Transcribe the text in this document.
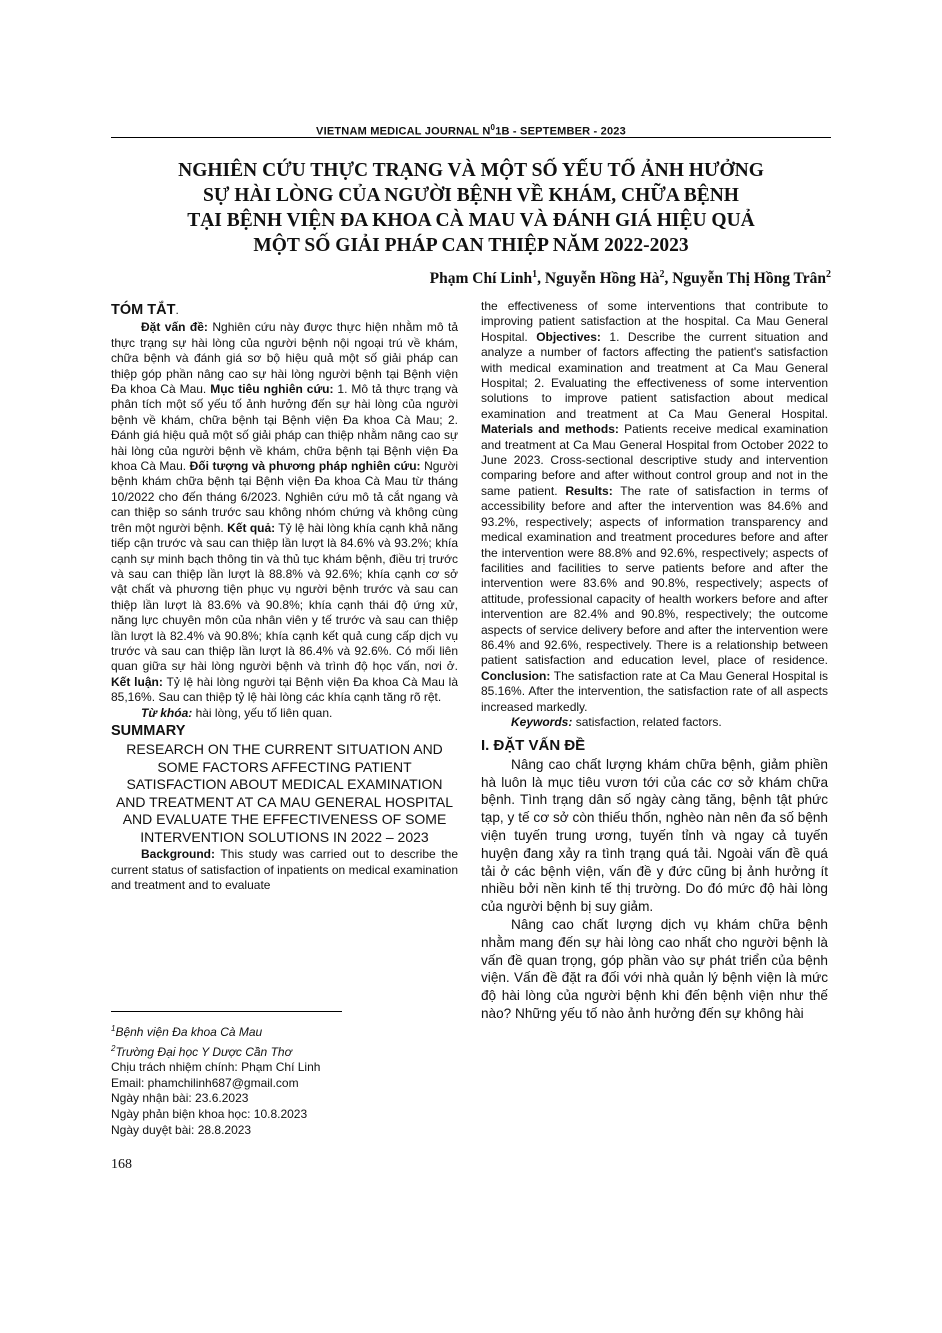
VIETNAM MEDICAL JOURNAL $N^01B$ - SEPTEMBER - 2023
NGHIÊN CỨU THỰC TRẠNG VÀ MỘT SỐ YẾU TỐ ẢNH HƯỞNG
SỰ HÀI LÒNG CỦA NGƯỜI BỆNH VỀ KHÁM, CHỮA BỆNH
TẠI BỆNH VIỆN ĐA KHOA CÀ MAU VÀ ĐÁNH GIÁ HIỆU QUẢ
MỘT SỐ GIẢI PHÁP CAN THIỆP NĂM 2022-2023
Phạm Chí Linh$^1$, Nguyễn Hồng $Hà^2$, Nguyễn Thị Hồng Trân$^2$
TÓM TẮT.

Đặt vấn đề: Nghiên cứu này được thực hiện nhằm mô tả thực trạng sự hài lòng của người bệnh nội ngoại trú về khám, chữa bệnh và đánh giá sơ bộ hiệu quả một số giải pháp can thiệp góp phần nâng cao sự hài lòng người bệnh tại Bệnh viện Đa khoa Cà Mau. Mục tiêu nghiên cứu: 1. Mô tả thực trạng và phân tích một số yếu tố ảnh hưởng đến sự hài lòng của người bệnh về khám, chữa bệnh tại Bệnh viện Đa khoa Cà Mau; 2. Đánh giá hiệu quả một số giải pháp can thiệp nhằm nâng cao sự hài lòng của người bệnh về khám, chữa bệnh tại Bệnh viện Đa khoa Cà Mau. Đối tượng và phương pháp nghiên cứu: Người bệnh khám chữa bệnh tại Bệnh viện Đa khoa Cà Mau từ tháng 10/2022 cho đến tháng 6/2023. Nghiên cứu mô tả cắt ngang và can thiệp so sánh trước sau không nhóm chứng và không cùng trên một người bệnh. Kết quả: Tỷ lệ hài lòng khía cạnh khả năng tiếp cận trước và sau can thiệp lần lượt là 84.6% và 93.2%; khía cạnh sự minh bạch thông tin và thủ tục khám bệnh, điều trị trước và sau can thiệp lần lượt là 88.8% và 92.6%; khía cạnh cơ sở vật chất và phương tiện phục vụ người bệnh trước và sau can thiệp lần lượt là 83.6% và 90.8%; khía cạnh thái độ ứng xử, năng lực chuyên môn của nhân viên y tế trước và sau can thiệp lần lượt là 82.4% và 90.8%; khía cạnh kết quả cung cấp dịch vụ trước và sau can thiệp lần lượt là 86.4% và 92.6%. Có mối liên quan giữa sự hài lòng người bệnh và trình độ học vấn, nơi ở. Kết luận: Tỷ lệ hài lòng người tại Bệnh viện Đa khoa Cà Mau là 85,16%. Sau can thiệp tỷ lệ hài lòng các khía cạnh tăng rõ rệt.

Từ khóa: hài lòng, yếu tố liên quan.

SUMMARY
RESEARCH ON THE CURRENT SITUATION AND SOME FACTORS AFFECTING PATIENT SATISFACTION ABOUT MEDICAL EXAMINATION AND TREATMENT AT CA MAU GENERAL HOSPITAL AND EVALUATE THE EFFECTIVENESS OF SOME INTERVENTION SOLUTIONS IN 2022 – 2023

Background: This study was carried out to describe the current status of satisfaction of inpatients on medical examination and treatment and to evaluate

$^1$Bệnh viện Đa khoa Cà Mau
$^2$Trường Đại học Y Dược Cần Thơ
Chịu trách nhiệm chính: Phạm Chí Linh
Email: phamchilinh687@gmail.com
Ngày nhận bài: 23.6.2023
Ngày phản biện khoa học: 10.8.2023
Ngày duyệt bài: 28.8.2023
168

the effectiveness of some interventions that contribute to improving patient satisfaction at the hospital. Ca Mau General Hospital. Objectives: 1. Describe the current situation and analyze a number of factors affecting the patient's satisfaction with medical examination and treatment at Ca Mau General Hospital; 2. Evaluating the effectiveness of some intervention solutions to improve patient satisfaction about medical examination and treatment at Ca Mau General Hospital. Materials and methods: Patients receive medical examination and treatment at Ca Mau General Hospital from October 2022 to June 2023. Cross-sectional descriptive study and intervention comparing before and after without control group and not in the same patient. Results: The rate of satisfaction in terms of accessibility before and after the intervention was 84.6% and 93.2%, respectively; aspects of information transparency and medical examination and treatment procedures before and after the intervention were 88.8% and 92.6%, respectively; aspects of facilities and facilities to serve patients before and after the intervention were 83.6% and 90.8%, respectively; aspects of attitude, professional capacity of health workers before and after intervention are 82.4% and 90.8%, respectively; the outcome aspects of service delivery before and after the intervention were 86.4% and 92.6%, respectively. There is a relationship between patient satisfaction and education level, place of residence. Conclusion: The satisfaction rate at Ca Mau General Hospital is 85.16%. After the intervention, the satisfaction rate of all aspects increased markedly.

Keywords: satisfaction, related factors.

I. ĐẶT VẤN ĐỀ

Nâng cao chất lượng khám chữa bệnh, giảm phiền hà luôn là mục tiêu vươn tới của các cơ sở khám chữa bệnh. Tình trạng dân số ngày càng tăng, bệnh tật phức tạp, y tế cơ sở còn thiếu thốn, nghèo nàn nên đa số bệnh viện tuyến trung ương, tuyến tỉnh và ngay cả tuyến huyện đang xảy ra tình trạng quá tải. Ngoài vấn đề quá tải ở các bệnh viện, vấn đề y đức cũng bị ảnh hưởng ít nhiều bởi nền kinh tế thị trường. Do đó mức độ hài lòng của người bệnh bị suy giảm.

Nâng cao chất lượng dịch vụ khám chữa bệnh nhằm mang đến sự hài lòng cao nhất cho người bệnh là vấn đề quan trọng, góp phần vào sự phát triển của bệnh viện. Vấn đề đặt ra đối với nhà quản lý bệnh viện là mức độ hài lòng của người bệnh khi đến bệnh viện như thế nào? Những yếu tố nào ảnh hưởng đến sự không hài
